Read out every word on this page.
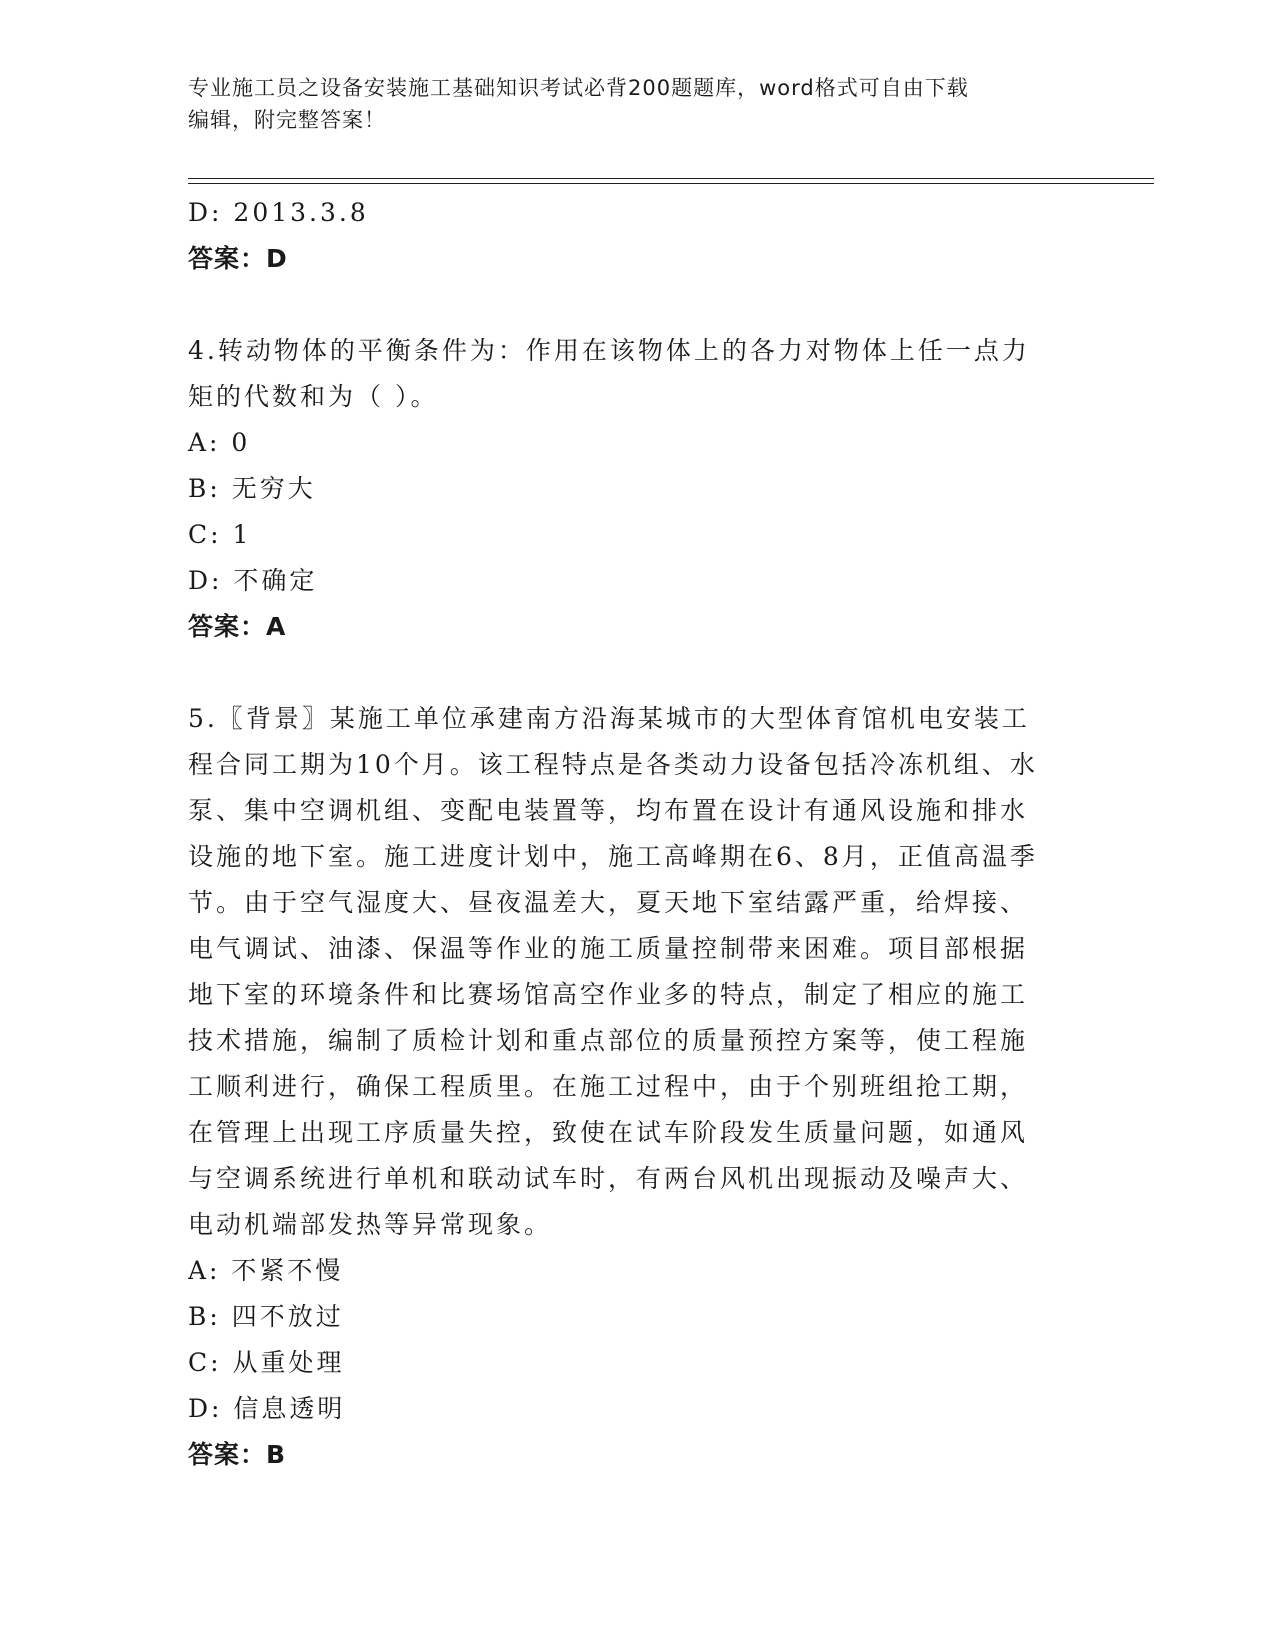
专业施工员之设备安装施工基础知识考试必背200题题库，word格式可自由下载
编辑，附完整答案！

D: 2013.3.8

答案：D

4.转动物体的平衡条件为：作用在该物体上的各力对物体上任一点力

矩的代数和为（ ）。

A: 0

B: 无穷大

C: 1

D: 不确定

答案：A

5.〖背景〗某施工单位承建南方沿海某城市的大型体育馆机电安装工

程合同工期为10个月。该工程特点是各类动力设备包括冷冻机组、水

泵、集中空调机组、变配电装置等，均布置在设计有通风设施和排水

设施的地下室。施工进度计划中，施工高峰期在6、8月，正值高温季

节。由于空气湿度大、昼夜温差大，夏天地下室结露严重，给焊接、

电气调试、油漆、保温等作业的施工质量控制带来困难。项目部根据

地下室的环境条件和比赛场馆高空作业多的特点，制定了相应的施工

技术措施，编制了质检计划和重点部位的质量预控方案等，使工程施

工顺利进行，确保工程质里。在施工过程中，由于个别班组抢工期，

在管理上出现工序质量失控，致使在试车阶段发生质量问题，如通风

与空调系统进行单机和联动试车时，有两台风机出现振动及噪声大、

电动机端部发热等异常现象。

A: 不紧不慢

B: 四不放过

C: 从重处理

D: 信息透明

答案：B
